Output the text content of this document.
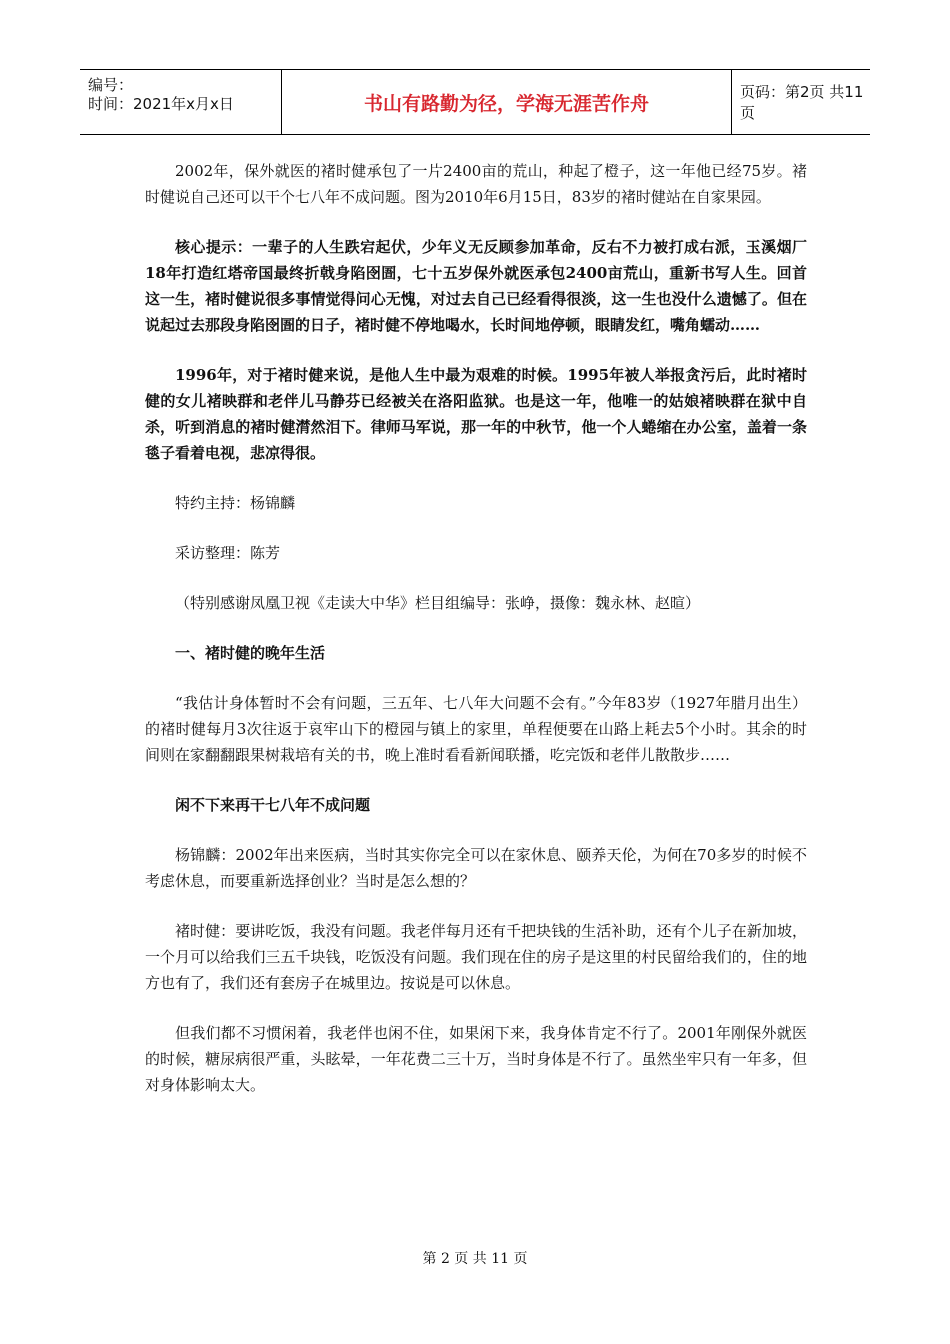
编号：
时间：2021年x月x日	书山有路勤为径，学海无涯苦作舟
页码：第2页 共11页

2002年，保外就医的褚时健承包了一片2400亩的荒山，种起了橙子，这一年他已经75岁。褚时健说自己还可以干个七八年不成问题。图为2010年6月15日，83岁的褚时健站在自家果园。

核心提示：一辈子的人生跌宕起伏，少年义无反顾参加革命，反右不力被打成右派，玉溪烟厂18年打造红塔帝国最终折戟身陷囹圄，七十五岁保外就医承包2400亩荒山，重新书写人生。回首这一生，褚时健说很多事情觉得问心无愧，对过去自己已经看得很淡，这一生也没什么遗憾了。但在说起过去那段身陷囹圄的日子，褚时健不停地喝水，长时间地停顿，眼睛发红，嘴角蠕动……

1996年，对于褚时健来说，是他人生中最为艰难的时候。1995年被人举报贪污后，此时褚时健的女儿褚映群和老伴儿马静芬已经被关在洛阳监狱。也是这一年，他唯一的姑娘褚映群在狱中自杀，听到消息的褚时健潸然泪下。律师马军说，那一年的中秋节，他一个人蜷缩在办公室，盖着一条毯子看着电视，悲凉得很。

特约主持：杨锦麟

采访整理：陈芳

（特别感谢凤凰卫视《走读大中华》栏目组编导：张峥，摄像：魏永林、赵暄）

一、褚时健的晚年生活

“我估计身体暂时不会有问题，三五年、七八年大问题不会有。”今年83岁（1927年腊月出生）的褚时健每月3次往返于哀牢山下的橙园与镇上的家里，单程便要在山路上耗去5个小时。其余的时间则在家翻翻跟果树栽培有关的书，晚上准时看看新闻联播，吃完饭和老伴儿散散步……

闲不下来再干七八年不成问题

杨锦麟：2002年出来医病，当时其实你完全可以在家休息、颐养天伦，为何在70多岁的时候不考虑休息，而要重新选择创业？当时是怎么想的？

褚时健：要讲吃饭，我没有问题。我老伴每月还有千把块钱的生活补助，还有个儿子在新加坡，一个月可以给我们三五千块钱，吃饭没有问题。我们现在住的房子是这里的村民留给我们的，住的地方也有了，我们还有套房子在城里边。按说是可以休息。

但我们都不习惯闲着，我老伴也闲不住，如果闲下来，我身体肯定不行了。2001年刚保外就医的时候，糖尿病很严重，头眩晕，一年花费二三十万，当时身体是不行了。虽然坐牢只有一年多，但对身体影响太大。

第 2 页 共 11 页
